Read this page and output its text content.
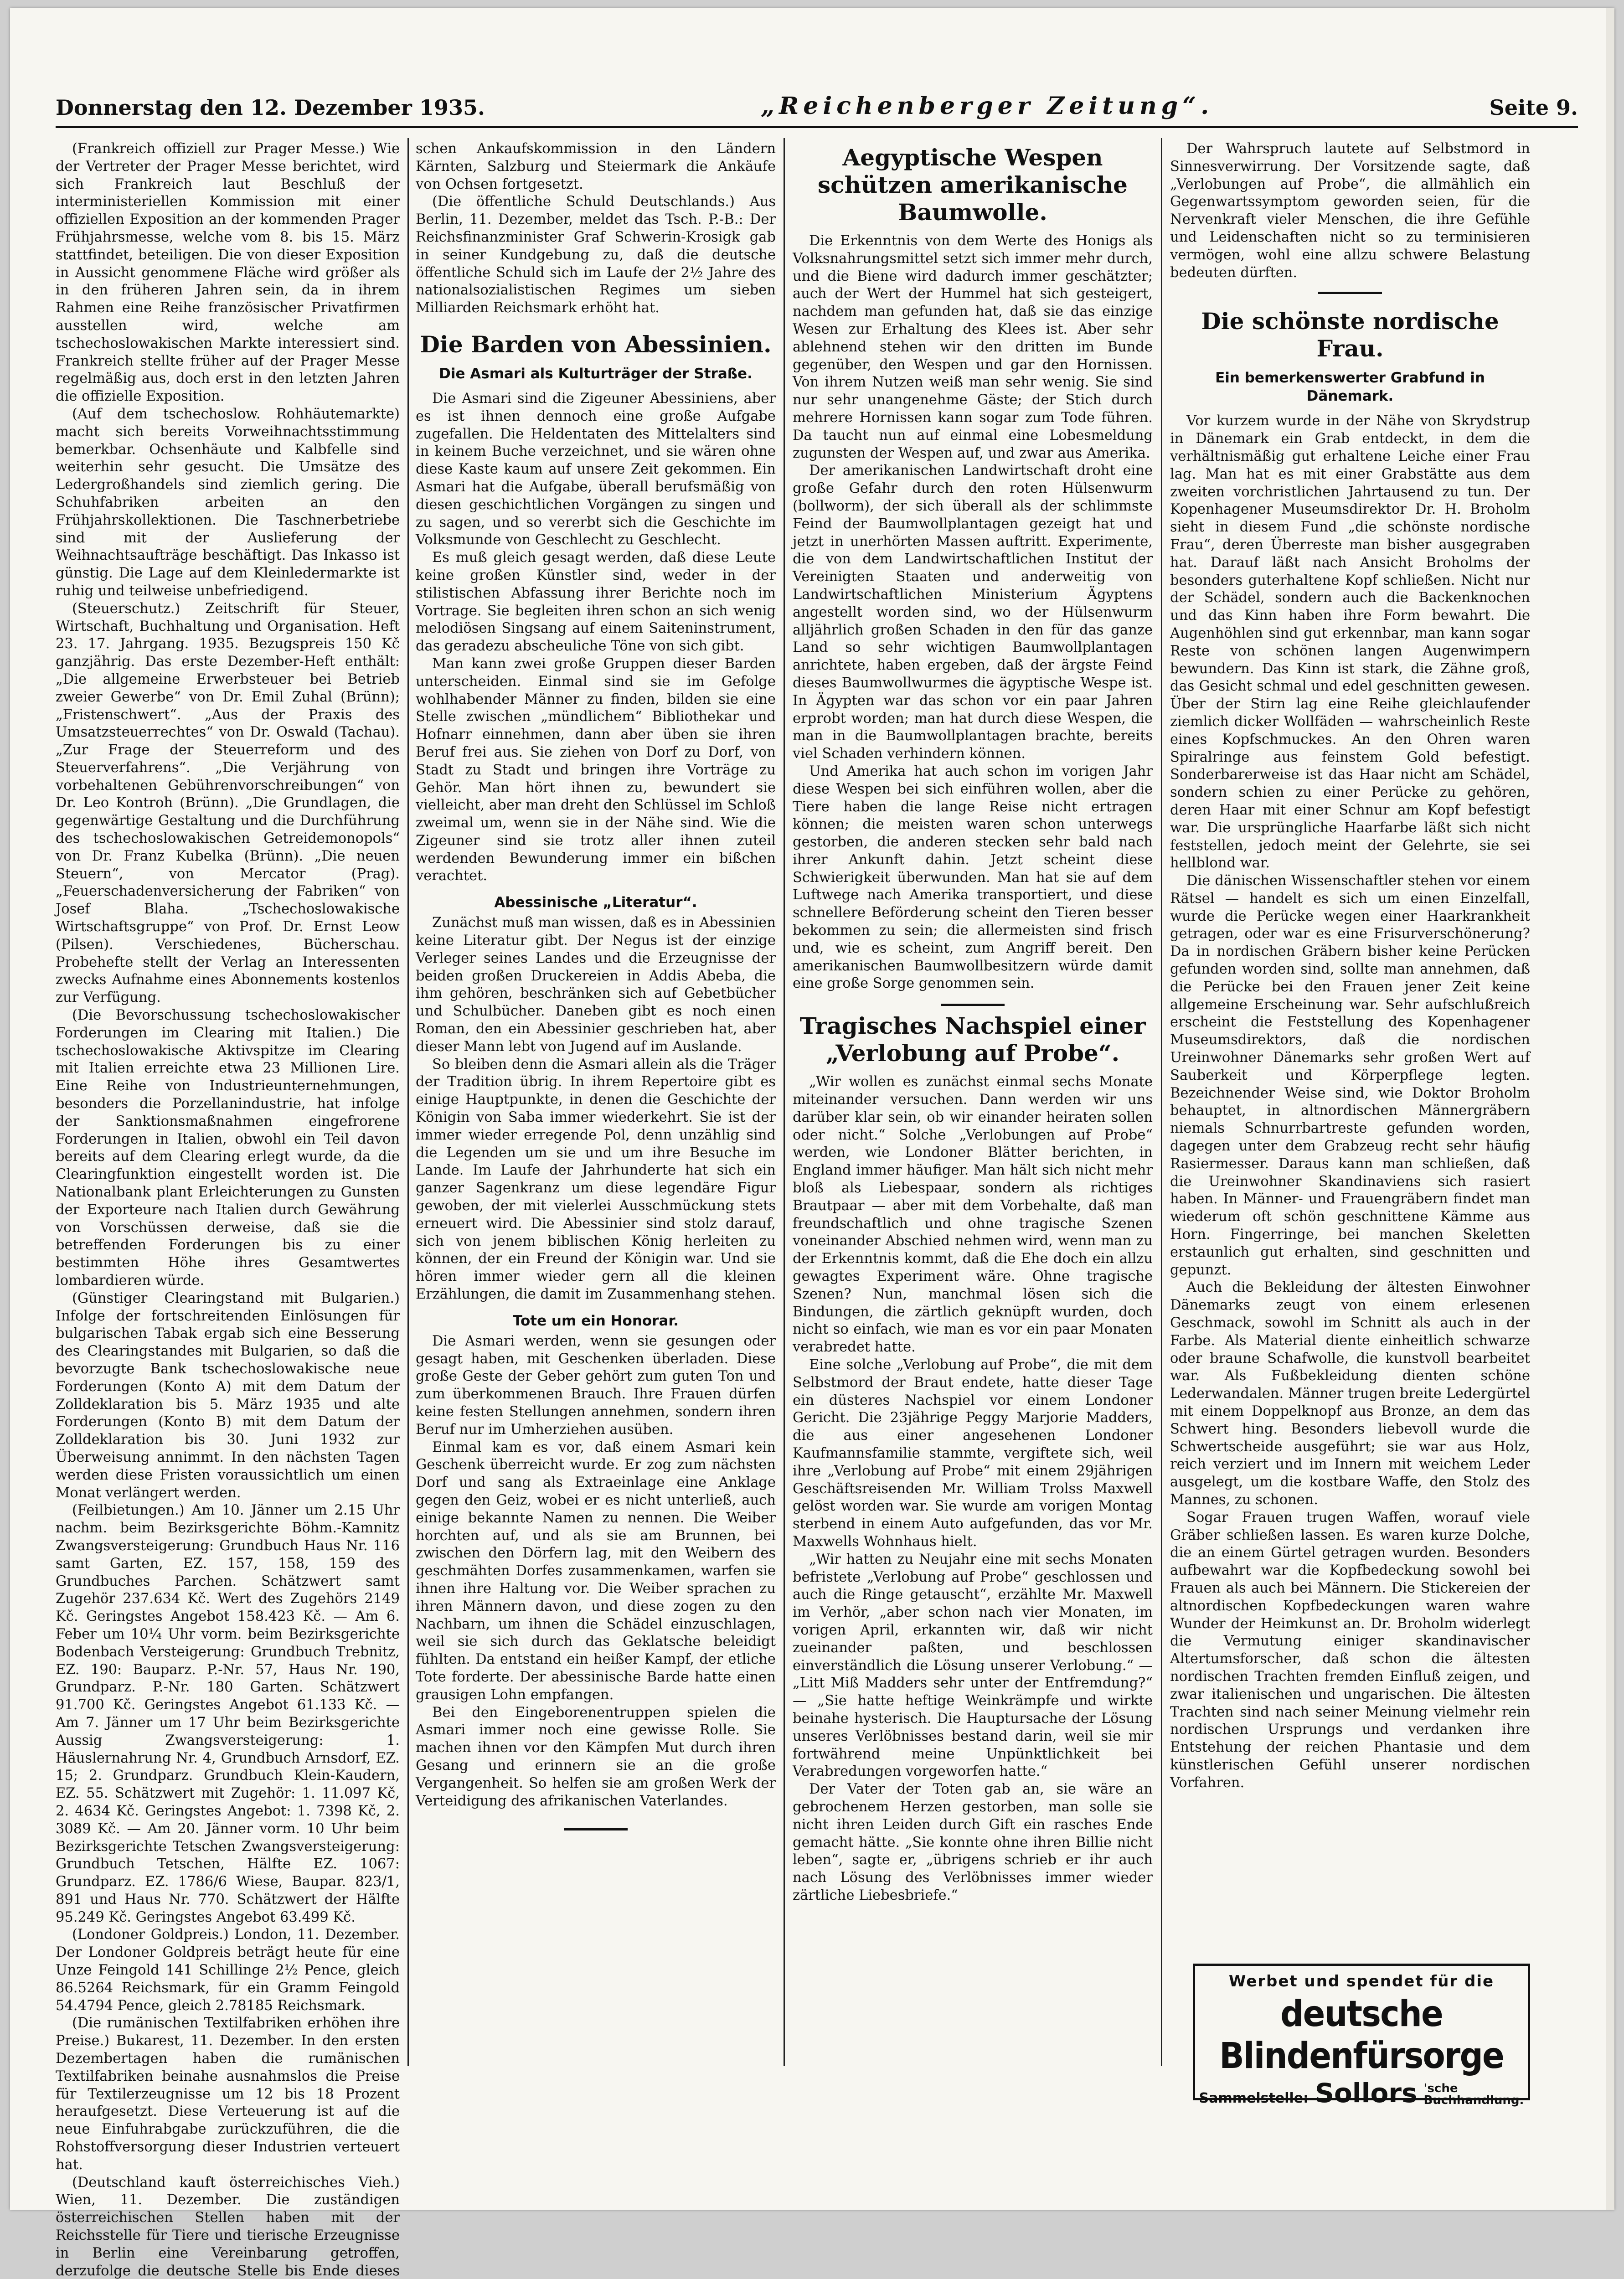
Donnerstag den 12. Dezember 1935.	„Reichenberger Zeitung“.	Seite 9.

(Frankreich offiziell zur Prager Messe.) Wie der Vertreter der Prager Messe berichtet, wird sich Frankreich laut Beschluß der interministeriellen Kommission mit einer offiziellen Exposition an der kommenden Prager Frühjahrsmesse, welche vom 8. bis 15. März stattfindet, beteiligen. Die von dieser Exposition in Aussicht genommene Fläche wird größer als in den früheren Jahren sein, da in ihrem Rahmen eine Reihe französischer Privatfirmen ausstellen wird, welche am tschechoslowakischen Markte interessiert sind. Frankreich stellte früher auf der Prager Messe regelmäßig aus, doch erst in den letzten Jahren die offizielle Exposition.

(Auf dem tschechoslow. Rohhäutemarkte) macht sich bereits Vorweihnachtsstimmung bemerkbar. Ochsenhäute und Kalbfelle sind weiterhin sehr gesucht. Die Umsätze des Ledergroßhandels sind ziemlich gering. Die Schuhfabriken arbeiten an den Frühjahrskollektionen. Die Taschnerbetriebe sind mit der Auslieferung der Weihnachtsaufträge beschäftigt. Das Inkasso ist günstig. Die Lage auf dem Kleinledermarkte ist ruhig und teilweise unbefriedigend.

(Steuerschutz.) Zeitschrift für Steuer, Wirtschaft, Buchhaltung und Organisation. Heft 23. 17. Jahrgang. 1935. Bezugspreis 150 Kč ganzjährig. Das erste Dezember-Heft enthält: „Die allgemeine Erwerbsteuer bei Betrieb zweier Gewerbe“ von Dr. Emil Zuhal (Brünn); „Fristenschwert“. „Aus der Praxis des Umsatzsteuerrechtes“ von Dr. Oswald (Tachau). „Zur Frage der Steuerreform und des Steuerverfahrens“. „Die Verjährung von vorbehaltenen Gebührenvorschreibungen“ von Dr. Leo Kontroh (Brünn). „Die Grundlagen, die gegenwärtige Gestaltung und die Durchführung des tschechoslowakischen Getreidemonopols“ von Dr. Franz Kubelka (Brünn). „Die neuen Steuern“, von Mercator (Prag). „Feuerschadenversicherung der Fabriken“ von Josef Blaha. „Tschechoslowakische Wirtschaftsgruppe“ von Prof. Dr. Ernst Leow (Pilsen). Verschiedenes, Bücherschau. Probehefte stellt der Verlag an Interessenten zwecks Aufnahme eines Abonnements kostenlos zur Verfügung.

(Die Bevorschussung tschechoslowakischer Forderungen im Clearing mit Italien.) Die tschechoslowakische Aktivspitze im Clearing mit Italien erreichte etwa 23 Millionen Lire. Eine Reihe von Industrieunternehmungen, besonders die Porzellanindustrie, hat infolge der Sanktionsmaßnahmen eingefrorene Forderungen in Italien, obwohl ein Teil davon bereits auf dem Clearing erlegt wurde, da die Clearingfunktion eingestellt worden ist. Die Nationalbank plant Erleichterungen zu Gunsten der Exporteure nach Italien durch Gewährung von Vorschüssen derweise, daß sie die betreffenden Forderungen bis zu einer bestimmten Höhe ihres Gesamtwertes lombardieren würde.

(Günstiger Clearingstand mit Bulgarien.) Infolge der fortschreitenden Einlösungen für bulgarischen Tabak ergab sich eine Besserung des Clearingstandes mit Bulgarien, so daß die bevorzugte Bank tschechoslowakische neue Forderungen (Konto A) mit dem Datum der Zolldeklaration bis 5. März 1935 und alte Forderungen (Konto B) mit dem Datum der Zolldeklaration bis 30. Juni 1932 zur Überweisung annimmt. In den nächsten Tagen werden diese Fristen voraussichtlich um einen Monat verlängert werden.

(Feilbietungen.) Am 10. Jänner um 2.15 Uhr nachm. beim Bezirksgerichte Böhm.-Kamnitz Zwangsversteigerung: Grundbuch Haus Nr. 116 samt Garten, EZ. 157, 158, 159 des Grundbuches Parchen. Schätzwert samt Zugehör 237.634 Kč. Wert des Zugehörs 2149 Kč. Geringstes Angebot 158.423 Kč. — Am 6. Feber um 10¼ Uhr vorm. beim Bezirksgerichte Bodenbach Versteigerung: Grundbuch Trebnitz, EZ. 190: Bauparz. P.-Nr. 57, Haus Nr. 190, Grundparz. P.-Nr. 180 Garten. Schätzwert 91.700 Kč. Geringstes Angebot 61.133 Kč. — Am 7. Jänner um 17 Uhr beim Bezirksgerichte Aussig Zwangsversteigerung: 1. Häuslernahrung Nr. 4, Grundbuch Arnsdorf, EZ. 15; 2. Grundparz. Grundbuch Klein-Kaudern, EZ. 55. Schätzwert mit Zugehör: 1. 11.097 Kč, 2. 4634 Kč. Geringstes Angebot: 1. 7398 Kč, 2. 3089 Kč. — Am 20. Jänner vorm. 10 Uhr beim Bezirksgerichte Tetschen Zwangsversteigerung: Grundbuch Tetschen, Hälfte EZ. 1067: Grundparz. EZ. 1786/6 Wiese, Baupar. 823/1, 891 und Haus Nr. 770. Schätzwert der Hälfte 95.249 Kč. Geringstes Angebot 63.499 Kč.

(Londoner Goldpreis.) London, 11. Dezember. Der Londoner Goldpreis beträgt heute für eine Unze Feingold 141 Schillinge 2½ Pence, gleich 86.5264 Reichsmark, für ein Gramm Feingold 54.4794 Pence, gleich 2.78185 Reichsmark.

(Die rumänischen Textilfabriken erhöhen ihre Preise.) Bukarest, 11. Dezember. In den ersten Dezembertagen haben die rumänischen Textilfabriken beinahe ausnahmslos die Preise für Textilerzeugnisse um 12 bis 18 Prozent heraufgesetzt. Diese Verteuerung ist auf die neue Einfuhrabgabe zurückzuführen, die die Rohstoffversorgung dieser Industrien verteuert hat.

(Deutschland kauft österreichisches Vieh.) Wien, 11. Dezember. Die zuständigen österreichischen Stellen haben mit der Reichsstelle für Tiere und tierische Erzeugnisse in Berlin eine Vereinbarung getroffen, derzufolge die deutsche Stelle bis Ende dieses

schen Ankaufskommission in den Ländern Kärnten, Salzburg und Steiermark die Ankäufe von Ochsen fortgesetzt.

(Die öffentliche Schuld Deutschlands.) Aus Berlin, 11. Dezember, meldet das Tsch. P.-B.: Der Reichsfinanzminister Graf Schwerin-Krosigk gab in seiner Kundgebung zu, daß die deutsche öffentliche Schuld sich im Laufe der 2½ Jahre des nationalsozialistischen Regimes um sieben Milliarden Reichsmark erhöht hat.

Die Barden von Abessinien.
Die Asmari als Kulturträger der Straße.

Die Asmari sind die Zigeuner Abessiniens, aber es ist ihnen dennoch eine große Aufgabe zugefallen. Die Heldentaten des Mittelalters sind in keinem Buche verzeichnet, und sie wären ohne diese Kaste kaum auf unsere Zeit gekommen. Ein Asmari hat die Aufgabe, überall berufsmäßig von diesen geschichtlichen Vorgängen zu singen und zu sagen, und so vererbt sich die Geschichte im Volksmunde von Geschlecht zu Geschlecht.

Es muß gleich gesagt werden, daß diese Leute keine großen Künstler sind, weder in der stilistischen Abfassung ihrer Berichte noch im Vortrage. Sie begleiten ihren schon an sich wenig melodiösen Singsang auf einem Saiteninstrument, das geradezu abscheuliche Töne von sich gibt.

Man kann zwei große Gruppen dieser Barden unterscheiden. Einmal sind sie im Gefolge wohlhabender Männer zu finden, bilden sie eine Stelle zwischen „mündlichem“ Bibliothekar und Hofnarr einnehmen, dann aber üben sie ihren Beruf frei aus. Sie ziehen von Dorf zu Dorf, von Stadt zu Stadt und bringen ihre Vorträge zu Gehör. Man hört ihnen zu, bewundert sie vielleicht, aber man dreht den Schlüssel im Schloß zweimal um, wenn sie in der Nähe sind. Wie die Zigeuner sind sie trotz aller ihnen zuteil werdenden Bewunderung immer ein bißchen verachtet.

Abessinische „Literatur“.

Zunächst muß man wissen, daß es in Abessinien keine Literatur gibt. Der Negus ist der einzige Verleger seines Landes und die Erzeugnisse der beiden großen Druckereien in Addis Abeba, die ihm gehören, beschränken sich auf Gebetbücher und Schulbücher. Daneben gibt es noch einen Roman, den ein Abessinier geschrieben hat, aber dieser Mann lebt von Jugend auf im Auslande.

So bleiben denn die Asmari allein als die Träger der Tradition übrig. In ihrem Repertoire gibt es einige Hauptpunkte, in denen die Geschichte der Königin von Saba immer wiederkehrt. Sie ist der immer wieder erregende Pol, denn unzählig sind die Legenden um sie und um ihre Besuche im Lande. Im Laufe der Jahrhunderte hat sich ein ganzer Sagenkranz um diese legendäre Figur gewoben, der mit vielerlei Ausschmückung stets erneuert wird. Die Abessinier sind stolz darauf, sich von jenem biblischen König herleiten zu können, der ein Freund der Königin war. Und sie hören immer wieder gern all die kleinen Erzählungen, die damit im Zusammenhang stehen.

Tote um ein Honorar.

Die Asmari werden, wenn sie gesungen oder gesagt haben, mit Geschenken überladen. Diese große Geste der Geber gehört zum guten Ton und zum überkommenen Brauch. Ihre Frauen dürfen keine festen Stellungen annehmen, sondern ihren Beruf nur im Umherziehen ausüben.

Einmal kam es vor, daß einem Asmari kein Geschenk überreicht wurde. Er zog zum nächsten Dorf und sang als Extraeinlage eine Anklage gegen den Geiz, wobei er es nicht unterließ, auch einige bekannte Namen zu nennen. Die Weiber horchten auf, und als sie am Brunnen, bei zwischen den Dörfern lag, mit den Weibern des geschmähten Dorfes zusammenkamen, warfen sie ihnen ihre Haltung vor. Die Weiber sprachen zu ihren Männern davon, und diese zogen zu den Nachbarn, um ihnen die Schädel einzuschlagen, weil sie sich durch das Geklatsche beleidigt fühlten. Da entstand ein heißer Kampf, der etliche Tote forderte. Der abessinische Barde hatte einen grausigen Lohn empfangen.

Bei den Eingeborenentruppen spielen die Asmari immer noch eine gewisse Rolle. Sie machen ihnen vor den Kämpfen Mut durch ihren Gesang und erinnern sie an die große Vergangenheit. So helfen sie am großen Werk der Verteidigung des afrikanischen Vaterlandes.

Aegyptische Wespen schützen amerikanische Baumwolle.

Die Erkenntnis von dem Werte des Honigs als Volksnahrungsmittel setzt sich immer mehr durch, und die Biene wird dadurch immer geschätzter; auch der Wert der Hummel hat sich gesteigert, nachdem man gefunden hat, daß sie das einzige Wesen zur Erhaltung des Klees ist. Aber sehr ablehnend stehen wir den dritten im Bunde gegenüber, den Wespen und gar den Hornissen. Von ihrem Nutzen weiß man sehr wenig. Sie sind nur sehr unangenehme Gäste; der Stich durch mehrere Hornissen kann sogar zum Tode führen. Da taucht nun auf einmal eine Lobesmeldung zugunsten der Wespen auf, und zwar aus Amerika.

Der amerikanischen Landwirtschaft droht eine große Gefahr durch den roten Hülsenwurm (bollworm), der sich überall als der schlimmste Feind der Baumwollplantagen gezeigt hat und jetzt in unerhörten Massen auftritt. Experimente, die von dem Landwirtschaftlichen Institut der Vereinigten Staaten und anderweitig von Landwirtschaftlichen Ministerium Ägyptens angestellt worden sind, wo der Hülsenwurm alljährlich großen Schaden in den für das ganze Land so sehr wichtigen Baumwollplantagen anrichtete, haben ergeben, daß der ärgste Feind dieses Baumwollwurmes die ägyptische Wespe ist. In Ägypten war das schon vor ein paar Jahren erprobt worden; man hat durch diese Wespen, die man in die Baumwollplantagen brachte, bereits viel Schaden verhindern können.

Und Amerika hat auch schon im vorigen Jahr diese Wespen bei sich einführen wollen, aber die Tiere haben die lange Reise nicht ertragen können; die meisten waren schon unterwegs gestorben, die anderen stecken sehr bald nach ihrer Ankunft dahin. Jetzt scheint diese Schwierigkeit überwunden. Man hat sie auf dem Luftwege nach Amerika transportiert, und diese schnellere Beförderung scheint den Tieren besser bekommen zu sein; die allermeisten sind frisch und, wie es scheint, zum Angriff bereit. Den amerikanischen Baumwollbesitzern würde damit eine große Sorge genommen sein.

Tragisches Nachspiel einer „Verlobung auf Probe“.

„Wir wollen es zunächst einmal sechs Monate miteinander versuchen. Dann werden wir uns darüber klar sein, ob wir einander heiraten sollen oder nicht.“ Solche „Verlobungen auf Probe“ werden, wie Londoner Blätter berichten, in England immer häufiger. Man hält sich nicht mehr bloß als Liebespaar, sondern als richtiges Brautpaar — aber mit dem Vorbehalte, daß man freundschaftlich und ohne tragische Szenen voneinander Abschied nehmen wird, wenn man zu der Erkenntnis kommt, daß die Ehe doch ein allzu gewagtes Experiment wäre. Ohne tragische Szenen? Nun, manchmal lösen sich die Bindungen, die zärtlich geknüpft wurden, doch nicht so einfach, wie man es vor ein paar Monaten verabredet hatte.

Eine solche „Verlobung auf Probe“, die mit dem Selbstmord der Braut endete, hatte dieser Tage ein düsteres Nachspiel vor einem Londoner Gericht. Die 23jährige Peggy Marjorie Madders, die aus einer angesehenen Londoner Kaufmannsfamilie stammte, vergiftete sich, weil ihre „Verlobung auf Probe“ mit einem 29jährigen Geschäftsreisenden Mr. William Trolss Maxwell gelöst worden war. Sie wurde am vorigen Montag sterbend in einem Auto aufgefunden, das vor Mr. Maxwells Wohnhaus hielt.

„Wir hatten zu Neujahr eine mit sechs Monaten befristete „Verlobung auf Probe“ geschlossen und auch die Ringe getauscht“, erzählte Mr. Maxwell im Verhör, „aber schon nach vier Monaten, im vorigen April, erkannten wir, daß wir nicht zueinander paßten, und beschlossen einverständlich die Lösung unserer Verlobung.“ — „Litt Miß Madders sehr unter der Entfremdung?“ — „Sie hatte heftige Weinkrämpfe und wirkte beinahe hysterisch. Die Hauptursache der Lösung unseres Verlöbnisses bestand darin, weil sie mir fortwährend meine Unpünktlichkeit bei Verabredungen vorgeworfen hatte.“

Der Vater der Toten gab an, sie wäre an gebrochenem Herzen gestorben, man solle sie nicht ihren Leiden durch Gift ein rasches Ende gemacht hätte. „Sie konnte ohne ihren Billie nicht leben“, sagte er, „übrigens schrieb er ihr auch nach Lösung des Verlöbnisses immer wieder zärtliche Liebesbriefe.“

Der Wahrspruch lautete auf Selbstmord in Sinnesverwirrung. Der Vorsitzende sagte, daß „Verlobungen auf Probe“, die allmählich ein Gegenwartssymptom geworden seien, für die Nervenkraft vieler Menschen, die ihre Gefühle und Leidenschaften nicht so zu terminisieren vermögen, wohl eine allzu schwere Belastung bedeuten dürften.

Die schönste nordische Frau.
Ein bemerkenswerter Grabfund in Dänemark.

Vor kurzem wurde in der Nähe von Skrydstrup in Dänemark ein Grab entdeckt, in dem die verhältnismäßig gut erhaltene Leiche einer Frau lag. Man hat es mit einer Grabstätte aus dem zweiten vorchristlichen Jahrtausend zu tun. Der Kopenhagener Museumsdirektor Dr. H. Broholm sieht in diesem Fund „die schönste nordische Frau“, deren Überreste man bisher ausgegraben hat. Darauf läßt nach Ansicht Broholms der besonders guterhaltene Kopf schließen. Nicht nur der Schädel, sondern auch die Backenknochen und das Kinn haben ihre Form bewahrt. Die Augenhöhlen sind gut erkennbar, man kann sogar Reste von schönen langen Augenwimpern bewundern. Das Kinn ist stark, die Zähne groß, das Gesicht schmal und edel geschnitten gewesen. Über der Stirn lag eine Reihe gleichlaufender ziemlich dicker Wollfäden — wahrscheinlich Reste eines Kopfschmuckes. An den Ohren waren Spiralringe aus feinstem Gold befestigt. Sonderbarerweise ist das Haar nicht am Schädel, sondern schien zu einer Perücke zu gehören, deren Haar mit einer Schnur am Kopf befestigt war. Die ursprüngliche Haarfarbe läßt sich nicht feststellen, jedoch meint der Gelehrte, sie sei hellblond war.

Die dänischen Wissenschaftler stehen vor einem Rätsel — handelt es sich um einen Einzelfall, wurde die Perücke wegen einer Haarkrankheit getragen, oder war es eine Frisurverschönerung? Da in nordischen Gräbern bisher keine Perücken gefunden worden sind, sollte man annehmen, daß die Perücke bei den Frauen jener Zeit keine allgemeine Erscheinung war. Sehr aufschlußreich erscheint die Feststellung des Kopenhagener Museumsdirektors, daß die nordischen Ureinwohner Dänemarks sehr großen Wert auf Sauberkeit und Körperpflege legten. Bezeichnender Weise sind, wie Doktor Broholm behauptet, in altnordischen Männergräbern niemals Schnurrbartreste gefunden worden, dagegen unter dem Grabzeug recht sehr häufig Rasiermesser. Daraus kann man schließen, daß die Ureinwohner Skandinaviens sich rasiert haben. In Männer- und Frauengräbern findet man wiederum oft schön geschnittene Kämme aus Horn. Fingerringe, bei manchen Skeletten erstaunlich gut erhalten, sind geschnitten und gepunzt.

Auch die Bekleidung der ältesten Einwohner Dänemarks zeugt von einem erlesenen Geschmack, sowohl im Schnitt als auch in der Farbe. Als Material diente einheitlich schwarze oder braune Schafwolle, die kunstvoll bearbeitet war. Als Fußbekleidung dienten schöne Lederwandalen. Männer trugen breite Ledergürtel mit einem Doppelknopf aus Bronze, an dem das Schwert hing. Besonders liebevoll wurde die Schwertscheide ausgeführt; sie war aus Holz, reich verziert und im Innern mit weichem Leder ausgelegt, um die kostbare Waffe, den Stolz des Mannes, zu schonen.

Sogar Frauen trugen Waffen, worauf viele Gräber schließen lassen. Es waren kurze Dolche, die an einem Gürtel getragen wurden. Besonders aufbewahrt war die Kopfbedeckung sowohl bei Frauen als auch bei Männern. Die Stickereien der altnordischen Kopfbedeckungen waren wahre Wunder der Heimkunst an. Dr. Broholm widerlegt die Vermutung einiger skandinavischer Altertumsforscher, daß schon die ältesten nordischen Trachten fremden Einfluß zeigen, und zwar italienischen und ungarischen. Die ältesten Trachten sind nach seiner Meinung vielmehr rein nordischen Ursprungs und verdanken ihre Entstehung der reichen Phantasie und dem künstlerischen Gefühl unserer nordischen Vorfahren.

Werbet und spendet für die
deutsche Blindenfürsorge
Sammelstelle: Sollors 'sche
Buchhandlung.
